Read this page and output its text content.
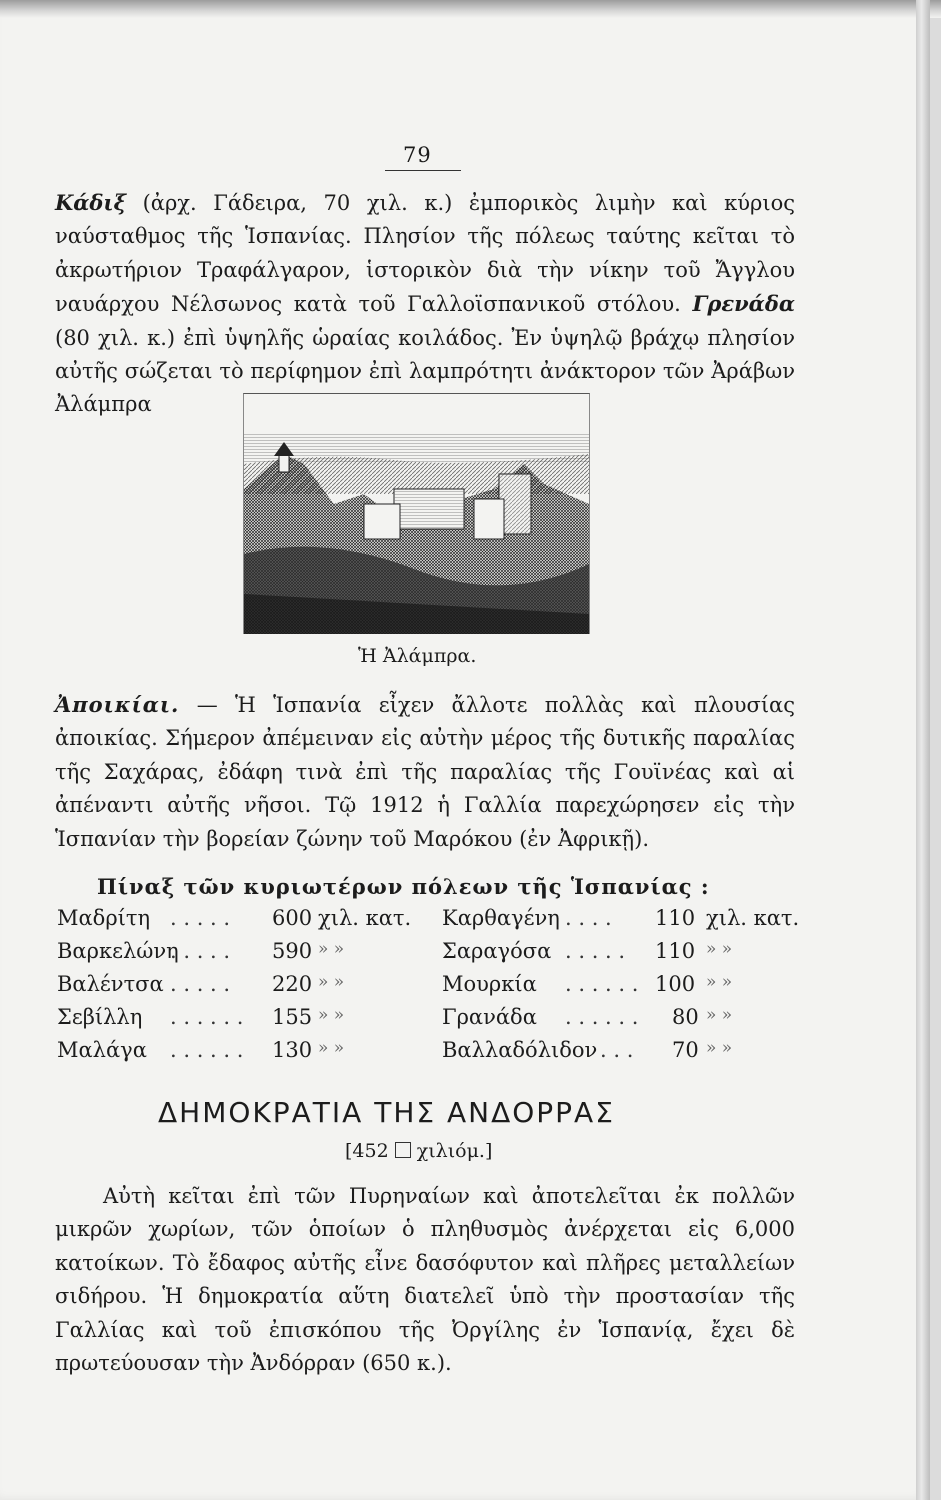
79

Κάδιξ (ἀρχ. Γάδειρα, 70 χιλ. κ.) ἐμπορικὸς λιμὴν καὶ κύριος ναύσταθμος τῆς Ἱσπανίας. Πλησίον τῆς πόλεως ταύτης κεῖται τὸ ἀκρωτήριον Τραφάλγαρον, ἱστορικὸν διὰ τὴν νίκην τοῦ Ἄγγλου ναυάρχου Νέλσωνος κατὰ τοῦ Γαλλοϊσπανικοῦ στόλου. Γρενάδα (80 χιλ. κ.) ἐπὶ ὑψηλῆς ὡραίας κοιλάδος. Ἐν ὑψηλῷ βράχῳ πλησίον αὐτῆς σώζεται τὸ περίφημον ἐπὶ λαμπρότητι ἀνάκτορον τῶν Ἀράβων Ἀλάμπρα

Ἡ Ἀλάμπρα.

Ἀποικίαι. — Ἡ Ἱσπανία εἶχεν ἄλλοτε πολλὰς καὶ πλουσίας ἀποικίας. Σήμερον ἀπέμειναν εἰς αὐτὴν μέρος τῆς δυτικῆς παραλίας τῆς Σαχάρας, ἐδάφη τινὰ ἐπὶ τῆς παραλίας τῆς Γουϊνέας καὶ αἱ ἀπέναντι αὐτῆς νῆσοι. Τῷ 1912 ἡ Γαλλία παρεχώρησεν εἰς τὴν Ἱσπανίαν τὴν βορείαν ζώνην τοῦ Μαρόκου (ἐν Ἀφρικῇ).

Πίναξ τῶν κυριωτέρων πόλεων τῆς Ἱσπανίας :
Μαδρίτη . . . . . 600 χιλ. κατ.
Βαρκελώνη
. . . . . 590 » »
Βαλέντσα . . . . . 220 » »
Σεβίλλη . . . . . . 155 » »
Μαλάγα . . . . . . 130 » »
Καρθαγένη . . . . 110 χιλ. κατ.
Σαραγόσα . . . . . 110 » »
Μουρκία . . . . . . 100 » »
Γρανάδα . . . . . . 80 » »
Βαλλαδόλιδον . . . 70 » »
ΔΗΜΟΚΡΑΤΙΑ ΤΗΣ ΑΝΔΟΡΡΑΣ
[452 χιλιόμ.]

Αὐτὴ κεῖται ἐπὶ τῶν Πυρηναίων καὶ ἀποτελεῖται ἐκ πολλῶν μικρῶν χωρίων, τῶν ὁποίων ὁ πληθυσμὸς ἀνέρχεται εἰς 6,000 κατοίκων. Τὸ ἔδαφος αὐτῆς εἶνε δασόφυτον καὶ πλῆρες μεταλλείων σιδήρου. Ἡ δημοκρατία αὕτη διατελεῖ ὑπὸ τὴν προστασίαν τῆς Γαλλίας καὶ τοῦ ἐπισκόπου τῆς Ὀργίλης ἐν Ἱσπανίᾳ, ἔχει δὲ πρωτεύουσαν τὴν Ἀνδόρραν (650 κ.).
